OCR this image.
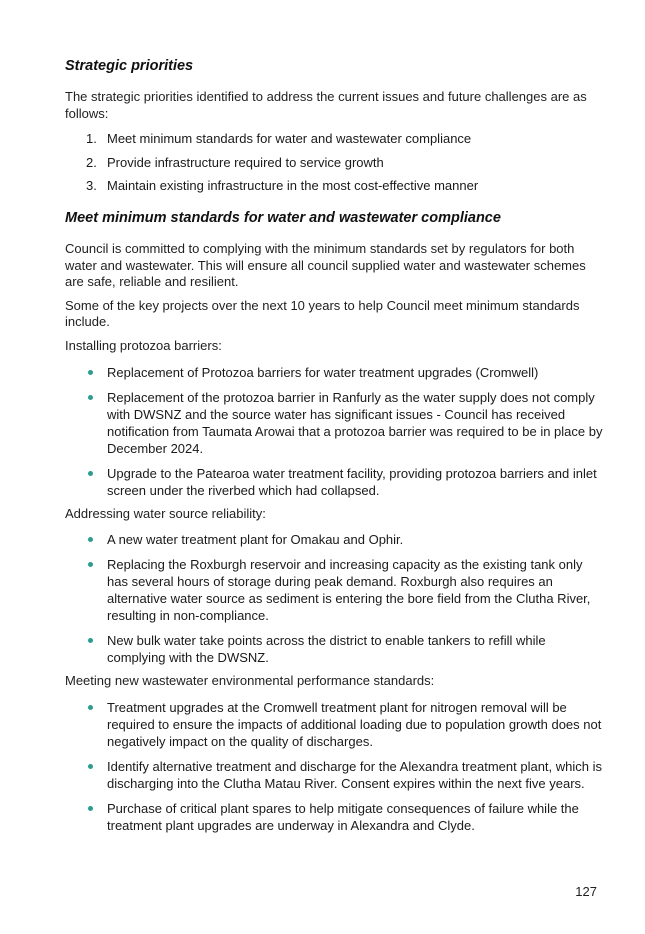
Strategic priorities

The strategic priorities identified to address the current issues and future challenges are as follows:

1. Meet minimum standards for water and wastewater compliance
2. Provide infrastructure required to service growth
3. Maintain existing infrastructure in the most cost-effective manner
Meet minimum standards for water and wastewater compliance

Council is committed to complying with the minimum standards set by regulators for both water and wastewater. This will ensure all council supplied water and wastewater schemes are safe, reliable and resilient.

Some of the key projects over the next 10 years to help Council meet minimum standards include.

Installing protozoa barriers:

Replacement of Protozoa barriers for water treatment upgrades (Cromwell)
Replacement of the protozoa barrier in Ranfurly as the water supply does not comply with DWSNZ and the source water has significant issues - Council has received notification from Taumata Arowai that a protozoa barrier was required to be in place by December 2024.
Upgrade to the Patearoa water treatment facility, providing protozoa barriers and inlet screen under the riverbed which had collapsed.

Addressing water source reliability:

A new water treatment plant for Omakau and Ophir.
Replacing the Roxburgh reservoir and increasing capacity as the existing tank only has several hours of storage during peak demand. Roxburgh also requires an alternative water source as sediment is entering the bore field from the Clutha River, resulting in non-compliance.
New bulk water take points across the district to enable tankers to refill while complying with the DWSNZ.

Meeting new wastewater environmental performance standards:

Treatment upgrades at the Cromwell treatment plant for nitrogen removal will be required to ensure the impacts of additional loading due to population growth does not negatively impact on the quality of discharges.
Identify alternative treatment and discharge for the Alexandra treatment plant, which is discharging into the Clutha Matau River. Consent expires within the next five years.
Purchase of critical plant spares to help mitigate consequences of failure while the treatment plant upgrades are underway in Alexandra and Clyde.
127
